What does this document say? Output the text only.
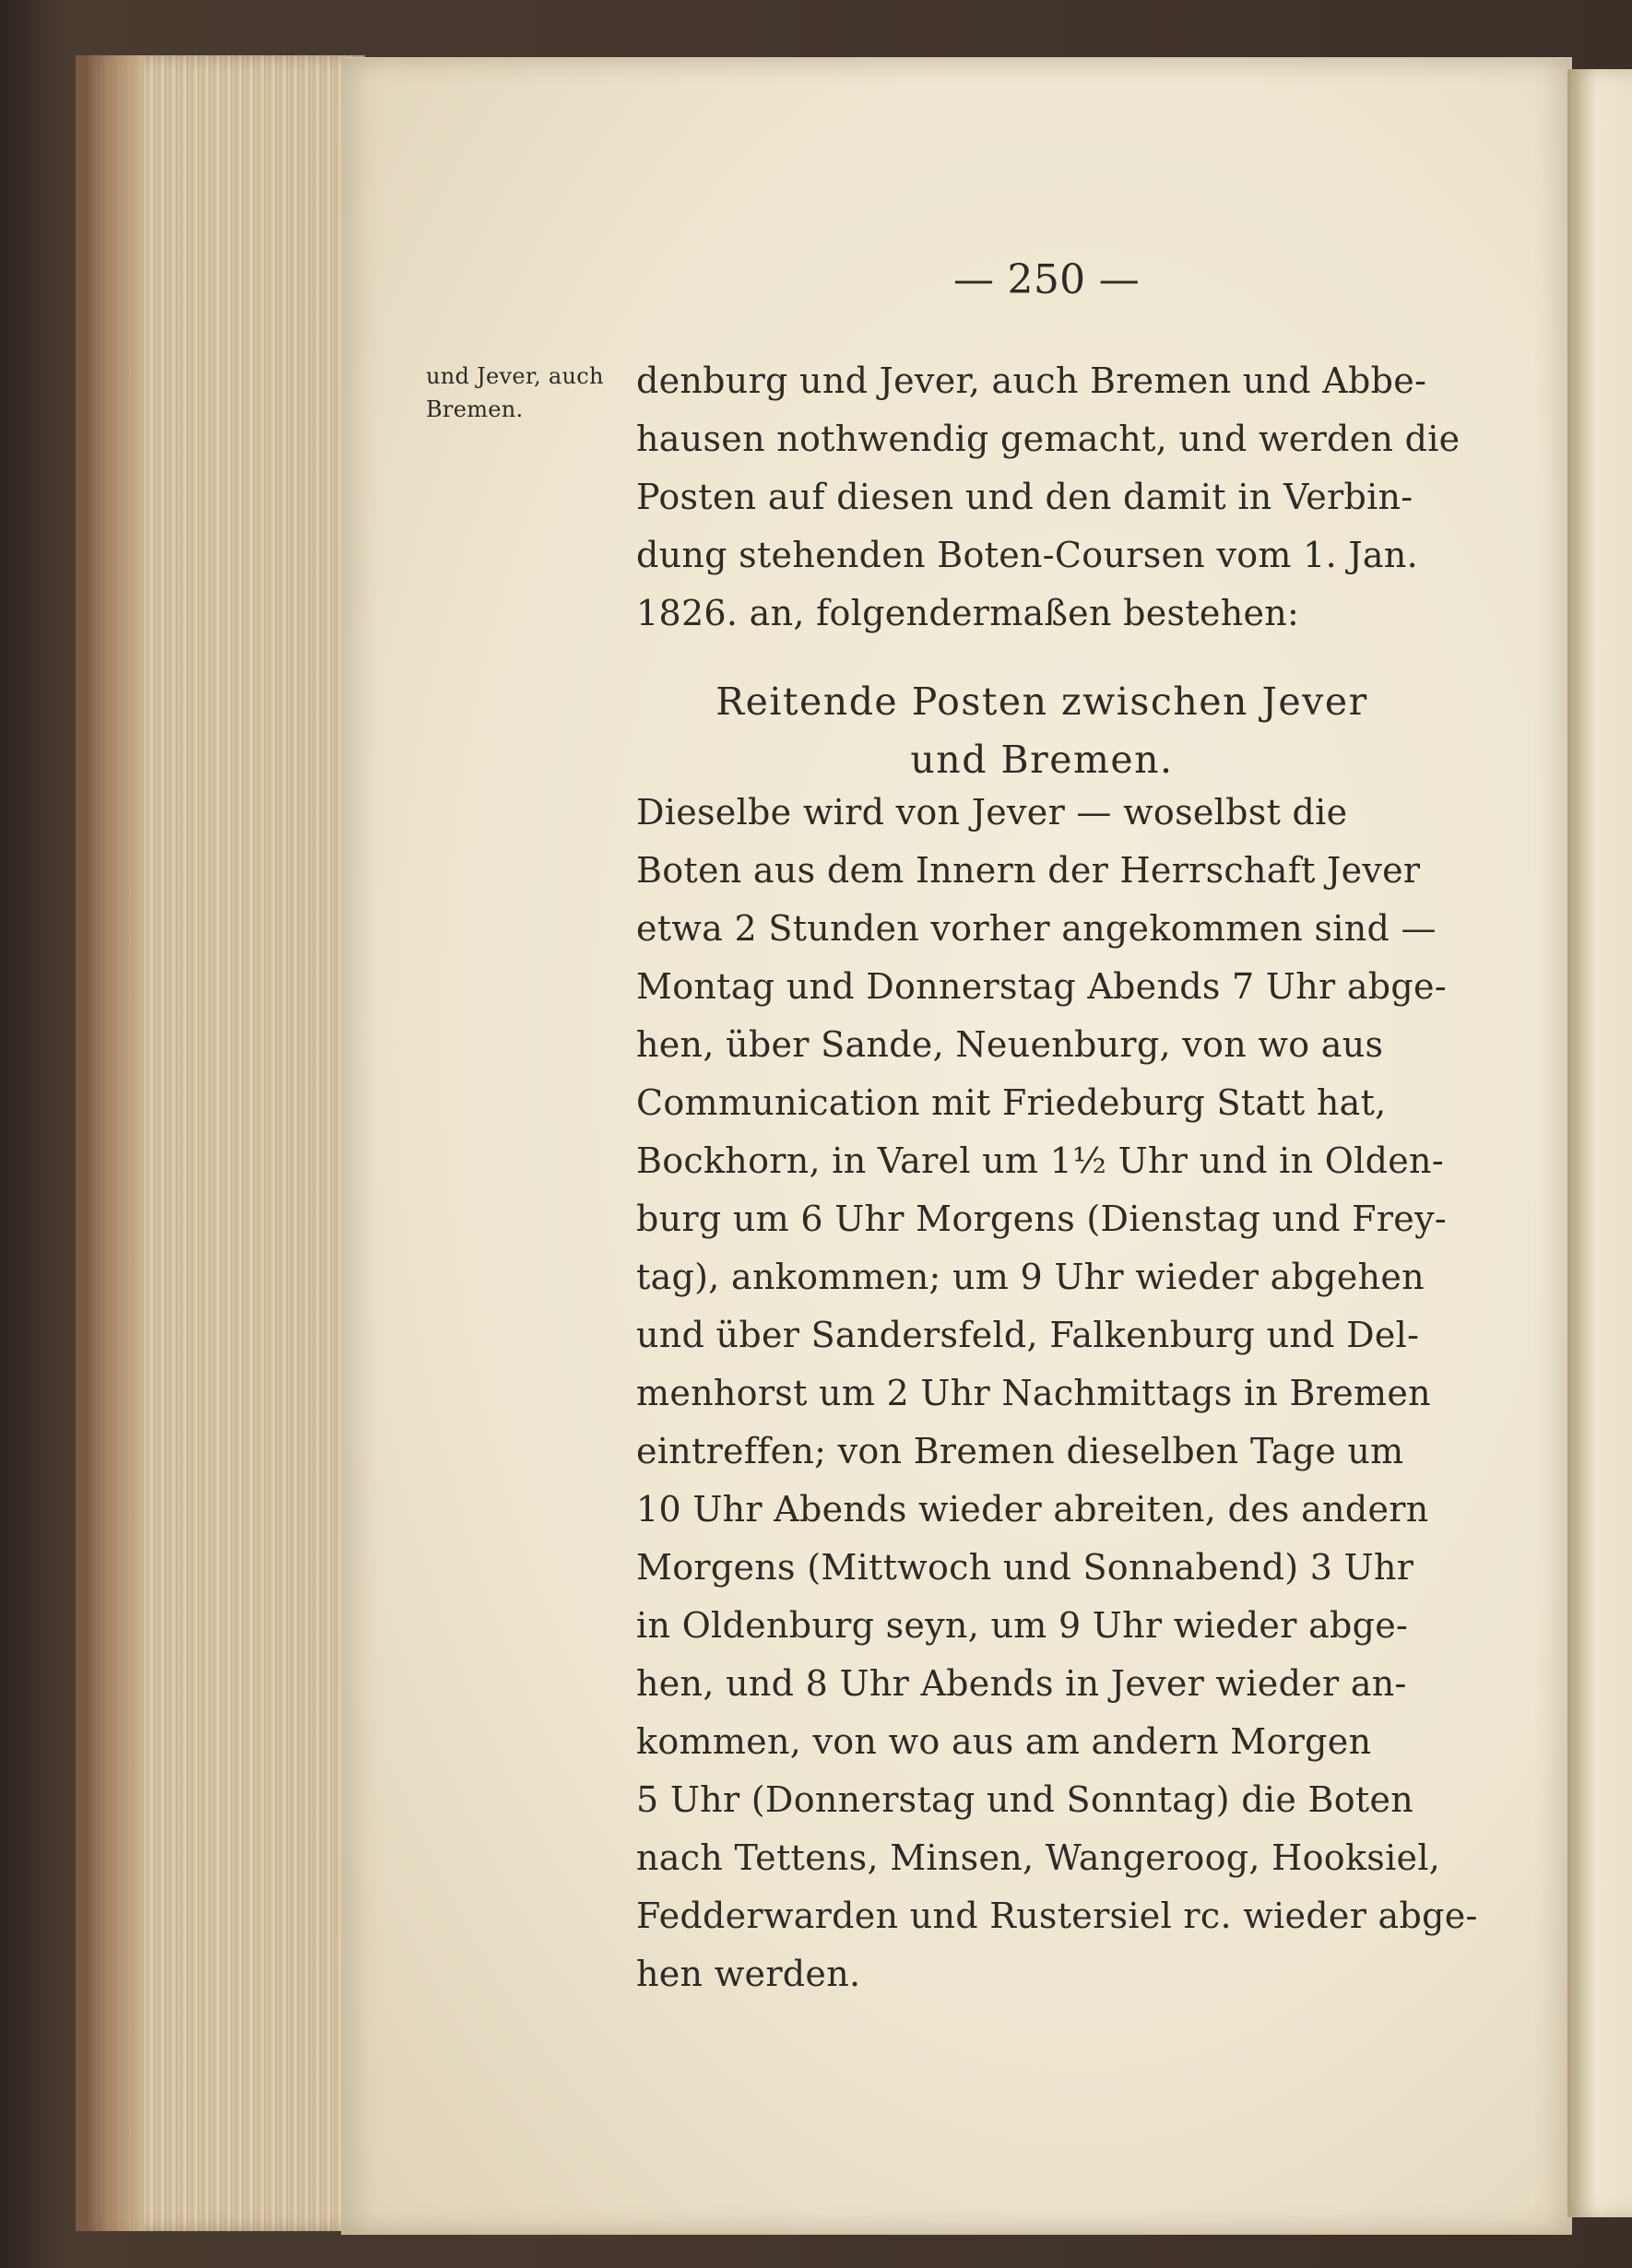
— 250 —
und Jever, auch
Bremen.
denburg und Jever, auch Bremen und Abbe-
hausen nothwendig gemacht, und werden die
Posten auf diesen und den damit in Verbin-
dung stehenden Boten-Coursen vom 1. Jan.
1826. an, folgendermaßen bestehen:
Reitende Posten zwischen Jever
und Bremen.
Dieselbe wird von Jever — woselbst die
Boten aus dem Innern der Herrschaft Jever
etwa 2 Stunden vorher angekommen sind —
Montag und Donnerstag Abends 7 Uhr abge-
hen, über Sande, Neuenburg, von wo aus
Communication mit Friedeburg Statt hat,
Bockhorn, in Varel um 1½ Uhr und in Olden-
burg um 6 Uhr Morgens (Dienstag und Frey-
tag), ankommen; um 9 Uhr wieder abgehen
und über Sandersfeld, Falkenburg und Del-
menhorst um 2 Uhr Nachmittags in Bremen
eintreffen; von Bremen dieselben Tage um
10 Uhr Abends wieder abreiten, des andern
Morgens (Mittwoch und Sonnabend) 3 Uhr
in Oldenburg seyn, um 9 Uhr wieder abge-
hen, und 8 Uhr Abends in Jever wieder an-
kommen, von wo aus am andern Morgen
5 Uhr (Donnerstag und Sonntag) die Boten
nach Tettens, Minsen, Wangeroog, Hooksiel,
Fedderwarden und Rustersiel rc. wieder abge-
hen werden.
